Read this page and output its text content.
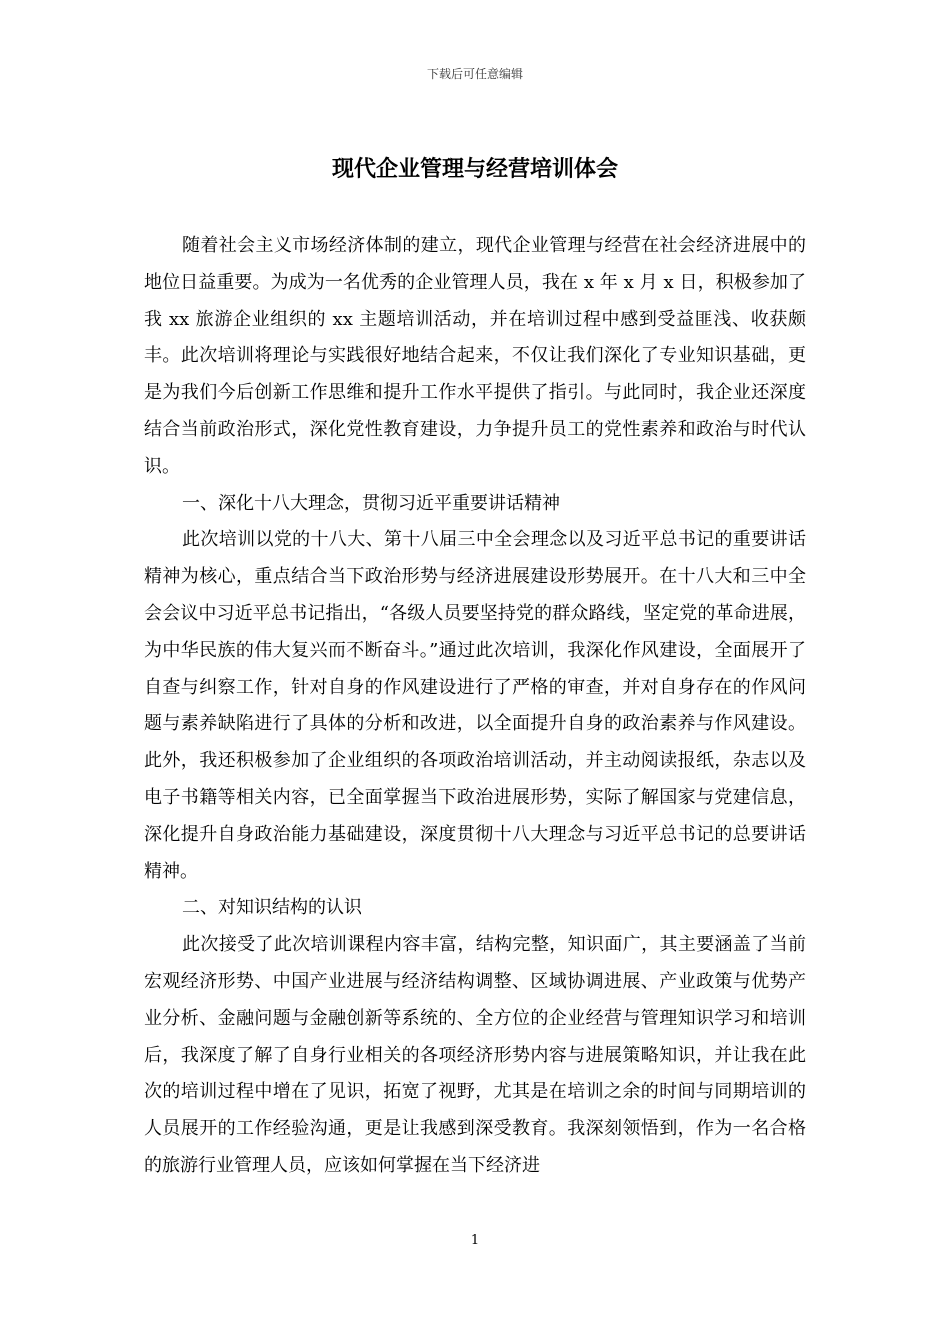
下载后可任意编辑
现代企业管理与经营培训体会

随着社会主义市场经济体制的建立，现代企业管理与经营在社会经济进展中的地位日益重要。为成为一名优秀的企业管理人员，我在 x 年 x 月 x 日，积极参加了我 xx 旅游企业组织的 xx 主题培训活动，并在培训过程中感到受益匪浅、收获颇丰。此次培训将理论与实践很好地结合起来，不仅让我们深化了专业知识基础，更是为我们今后创新工作思维和提升工作水平提供了指引。与此同时，我企业还深度结合当前政治形式，深化党性教育建设，力争提升员工的党性素养和政治与时代认识。

一、深化十八大理念，贯彻习近平重要讲话精神

此次培训以党的十八大、第十八届三中全会理念以及习近平总书记的重要讲话精神为核心，重点结合当下政治形势与经济进展建设形势展开。在十八大和三中全会会议中习近平总书记指出，“各级人员要坚持党的群众路线，坚定党的革命进展，为中华民族的伟大复兴而不断奋斗。”通过此次培训，我深化作风建设，全面展开了自查与纠察工作，针对自身的作风建设进行了严格的审查，并对自身存在的作风问题与素养缺陷进行了具体的分析和改进，以全面提升自身的政治素养与作风建设。此外，我还积极参加了企业组织的各项政治培训活动，并主动阅读报纸，杂志以及电子书籍等相关内容，已全面掌握当下政治进展形势，实际了解国家与党建信息，深化提升自身政治能力基础建设，深度贯彻十八大理念与习近平总书记的总要讲话精神。

二、对知识结构的认识

此次接受了此次培训课程内容丰富，结构完整，知识面广，其主要涵盖了当前宏观经济形势、中国产业进展与经济结构调整、区域协调进展、产业政策与优势产业分析、金融问题与金融创新等系统的、全方位的企业经营与管理知识学习和培训后，我深度了解了自身行业相关的各项经济形势内容与进展策略知识，并让我在此次的培训过程中增在了见识，拓宽了视野，尤其是在培训之余的时间与同期培训的人员展开的工作经验沟通，更是让我感到深受教育。我深刻领悟到，作为一名合格的旅游行业管理人员，应该如何掌握在当下经济进

1
